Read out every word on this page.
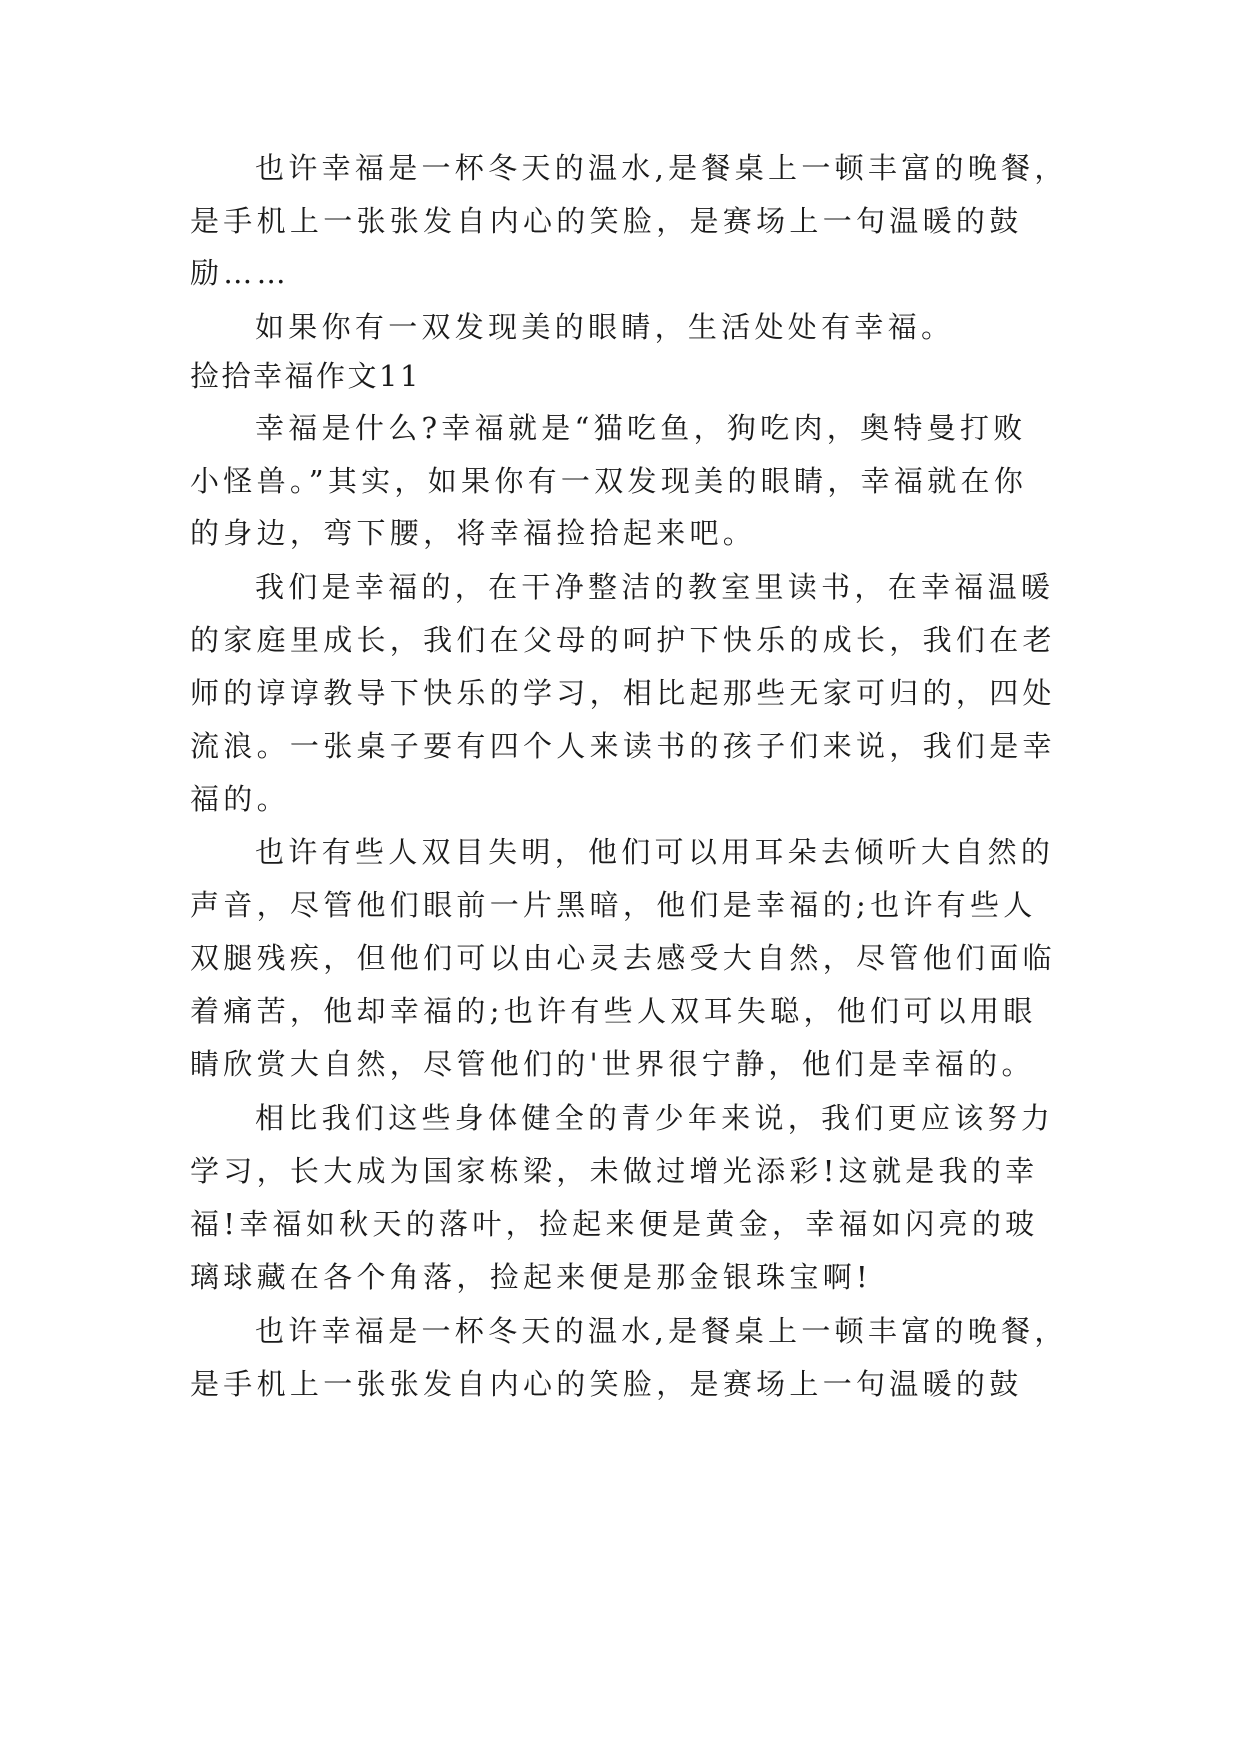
也许幸福是一杯冬天的温水,是餐桌上一顿丰富的晚餐，
是手机上一张张发自内心的笑脸，是赛场上一句温暖的鼓
励……
如果你有一双发现美的眼睛，生活处处有幸福。
捡拾幸福作文11
幸福是什么?幸福就是“猫吃鱼，狗吃肉，奥特曼打败
小怪兽。”其实，如果你有一双发现美的眼睛，幸福就在你
的身边，弯下腰，将幸福捡拾起来吧。
我们是幸福的，在干净整洁的教室里读书，在幸福温暖
的家庭里成长，我们在父母的呵护下快乐的成长，我们在老
师的谆谆教导下快乐的学习，相比起那些无家可归的，四处
流浪。一张桌子要有四个人来读书的孩子们来说，我们是幸
福的。
也许有些人双目失明，他们可以用耳朵去倾听大自然的
声音，尽管他们眼前一片黑暗，他们是幸福的;也许有些人
双腿残疾，但他们可以由心灵去感受大自然，尽管他们面临
着痛苦，他却幸福的;也许有些人双耳失聪，他们可以用眼
睛欣赏大自然，尽管他们的'世界很宁静，他们是幸福的。
相比我们这些身体健全的青少年来说，我们更应该努力
学习，长大成为国家栋梁，未做过增光添彩!这就是我的幸
福!幸福如秋天的落叶，捡起来便是黄金，幸福如闪亮的玻
璃球藏在各个角落，捡起来便是那金银珠宝啊!
也许幸福是一杯冬天的温水,是餐桌上一顿丰富的晚餐，
是手机上一张张发自内心的笑脸，是赛场上一句温暖的鼓
